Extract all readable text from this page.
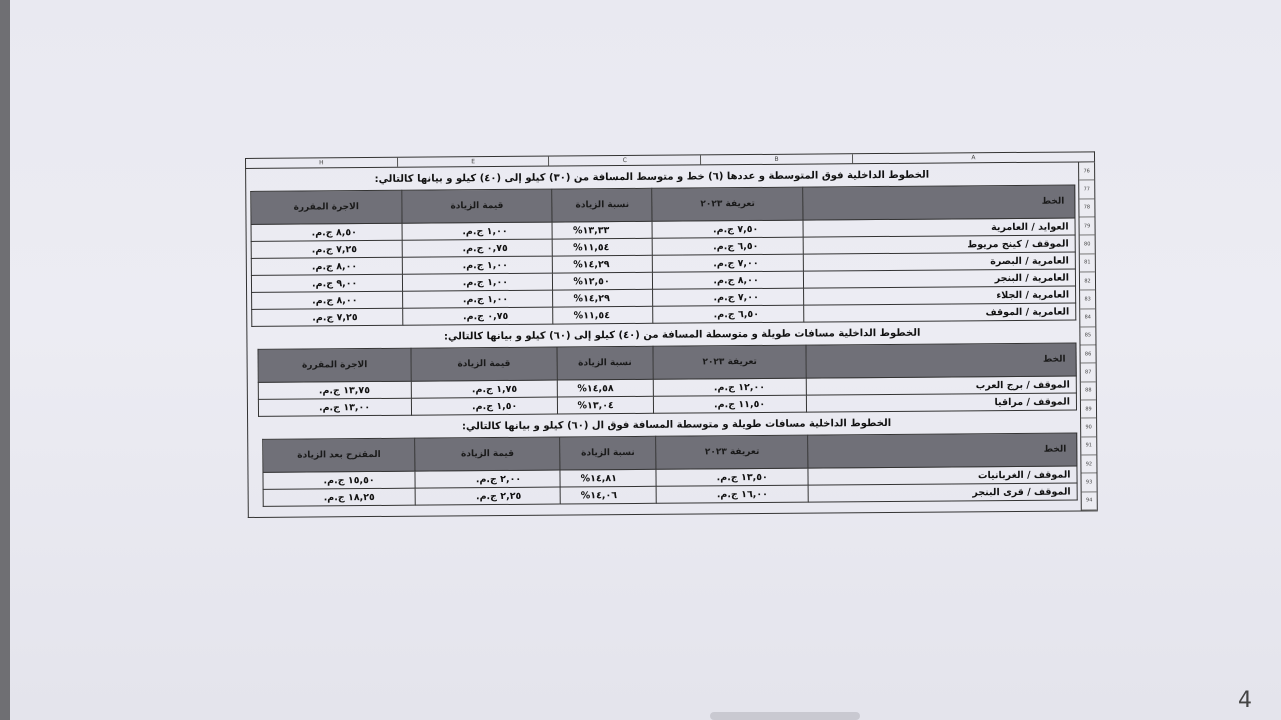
H	E	C	B	A
76
77
78
79
80
81
82
83
84
85
86
87
88
89
90
91
92
93
94
الخطوط الداخلية فوق المتوسطة و عددها (٦) خط و متوسط المسافة من (٣٠) كيلو إلى (٤٠) كيلو و بيانها كالتالي:
الخط	تعريفة ٢٠٢٣	نسبة الزيادة	قيمة الزيادة	الاجرة المقررة
العوايد / العامرية	٧,٥٠ ج.م.	١٣,٣٣%	١,٠٠ ج.م.	٨,٥٠ ج.م.
الموقف / كينج مريوط	٦,٥٠ ج.م.	١١,٥٤%	٠,٧٥ ج.م.	٧,٢٥ ج.م.
العامرية / البصرة	٧,٠٠ ج.م.	١٤,٢٩%	١,٠٠ ج.م.	٨,٠٠ ج.م.
العامرية / البنجر	٨,٠٠ ج.م.	١٢,٥٠%	١,٠٠ ج.م.	٩,٠٠ ج.م.
العامرية / الجلاء	٧,٠٠ ج.م.	١٤,٢٩%	١,٠٠ ج.م.	٨,٠٠ ج.م.
العامرية / الموقف	٦,٥٠ ج.م.	١١,٥٤%	٠,٧٥ ج.م.	٧,٢٥ ج.م.
الخطوط الداخلية مسافات طويلة و متوسطة المسافة من (٤٠) كيلو إلى (٦٠) كيلو و بيانها كالتالي:
الخط	تعريفة ٢٠٢٣	نسبة الزيادة	قيمة الزيادة	الاجرة المقررة
الموقف / برج العرب	١٢,٠٠ ج.م.	١٤,٥٨%	١,٧٥ ج.م.	١٣,٧٥ ج.م.
الموقف / مراقيا	١١,٥٠ ج.م.	١٣,٠٤%	١,٥٠ ج.م.	١٣,٠٠ ج.م.
الخطوط الداخلية مسافات طويلة و متوسطة المسافة فوق ال (٦٠) كيلو و بيانها كالتالي:
الخط	تعريفة ٢٠٢٣	نسبة الزيادة	قيمة الزيادة	المقترح بعد الزيادة
الموقف / الغربانيات	١٣,٥٠ ج.م.	١٤,٨١%	٢,٠٠ ج.م.	١٥,٥٠ ج.م.
الموقف / قرى البنجر	١٦,٠٠ ج.م.	١٤,٠٦%	٢,٢٥ ج.م.	١٨,٢٥ ج.م.
4
